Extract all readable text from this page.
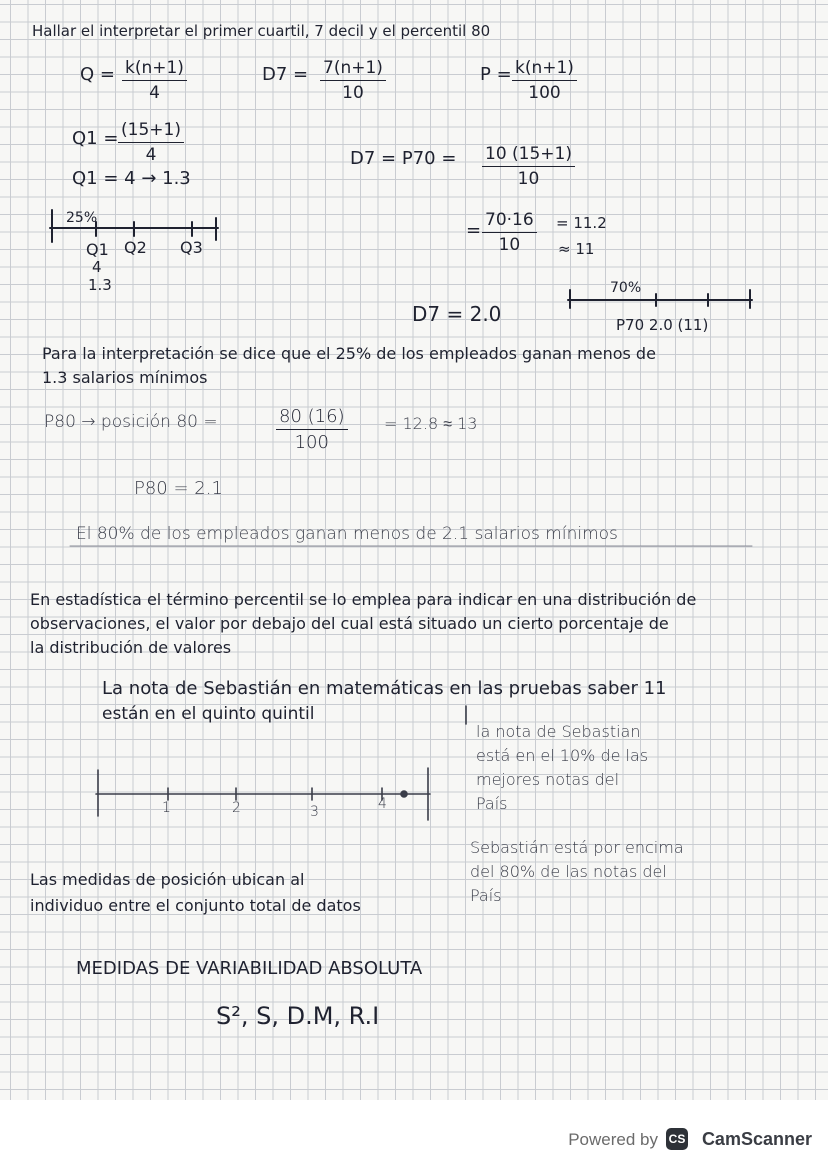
Hallar el interpretar el primer cuartil, 7 decil y el percentil 80
$Q = \frac{k(n+1)}{4}$	$D7 = \frac{7(n+1)}{10}$	$P = \frac{k(n+1)}{100}$
$Q1 = \frac{(15+1)}{4}$
Q1 = 4 → 1.3
$D7 = P70 = \frac{10 (15+1)}{10}$
= $\frac{70\cdot 16}{10} = 11.2$
≈ 11
D7 = 2.0
25%
Q1 Q2 Q3
4
1.3	70%
P70 2.0 (11)
Para la interpretación se dice que el 25% de los empleados ganan menos de
1.3 salarios mínimos
P80 → posición 80 =	$\frac{80 (16)}{100} = 12.8 \approx 13$
P80 = 2.1
El 80% de los empleados ganan menos de 2.1 salarios mínimos
En estadística el término percentil se lo emplea para indicar en una distribución de
observaciones, el valor por debajo del cual está situado un cierto porcentaje de
la distribución de valores
La nota de Sebastián en matemáticas en las pruebas saber 11
están en el quinto quintil
1	2	3	4
la nota de Sebastian
está en el 10% de las
mejores notas del
País
Sebastián está por encima
del 80% de las notas del
País
Las medidas de posición ubican al
individuo entre el conjunto total de datos
MEDIDAS DE VARIABILIDAD ABSOLUTA
S², S, D.M, R.I
Powered by CS CamScanner
